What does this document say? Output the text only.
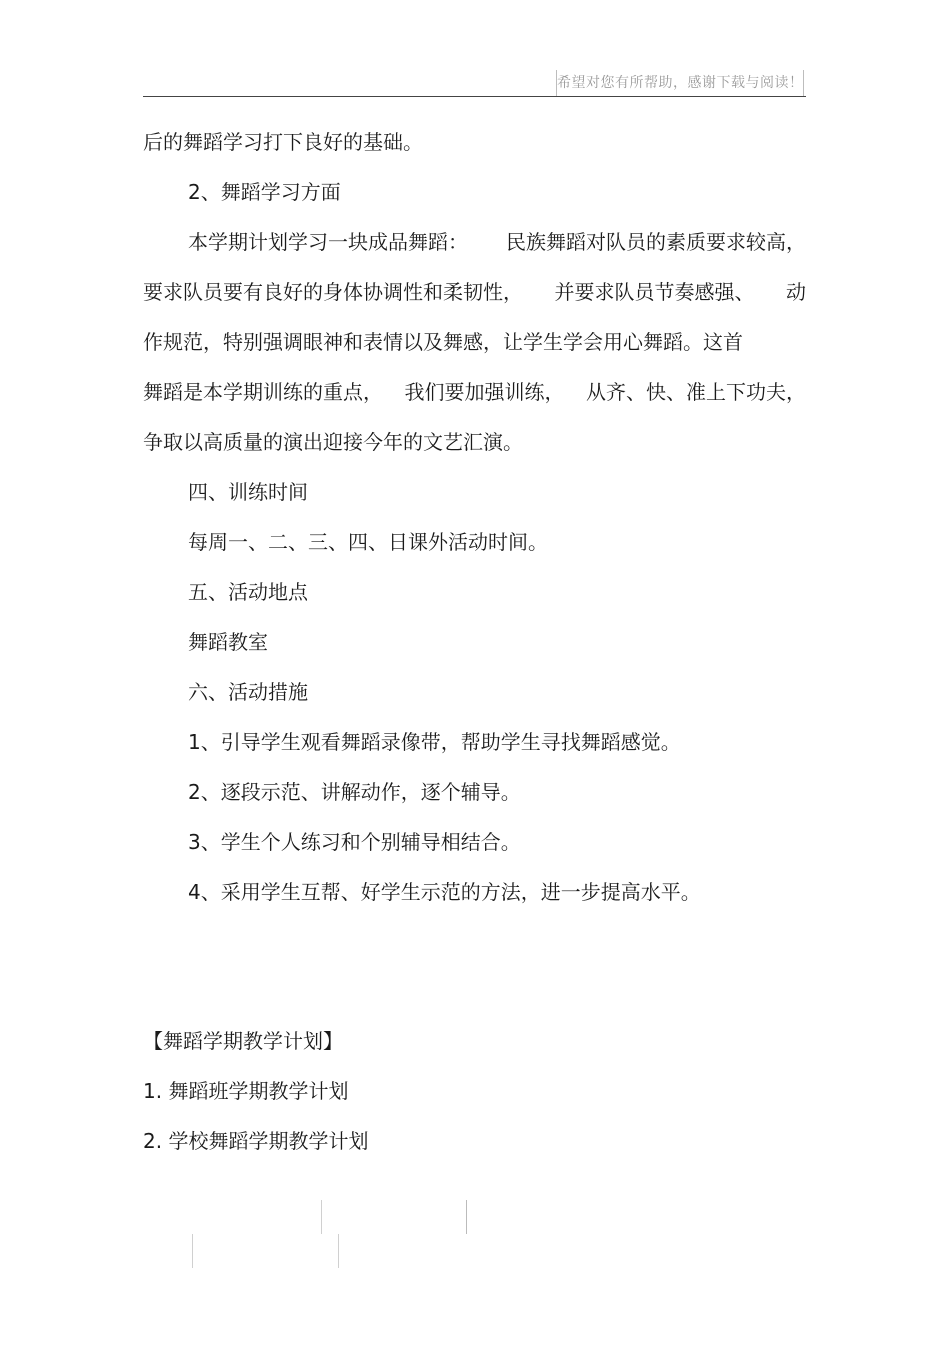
希望对您有所帮助，感谢下载与阅读！
后的舞蹈学习打下良好的基础。
2、舞蹈学习方面
本学期计划学习一块成品舞蹈： 民族舞蹈对队员的素质要求较高，
要求队员要有良好的身体协调性和柔韧性， 并要求队员节奏感强、 动
作规范，特别强调眼神和表情以及舞感，让学生学会用心舞蹈。这首
舞蹈是本学期训练的重点， 我们要加强训练， 从齐、快、准上下功夫，
争取以高质量的演出迎接今年的文艺汇演。
四、训练时间
每周一、二、三、四、日课外活动时间。
五、活动地点
舞蹈教室
六、活动措施
1、引导学生观看舞蹈录像带，帮助学生寻找舞蹈感觉。
2、逐段示范、讲解动作，逐个辅导。
3、学生个人练习和个别辅导相结合。
4、采用学生互帮、好学生示范的方法，进一步提高水平。
【舞蹈学期教学计划】
1. 舞蹈班学期教学计划
2. 学校舞蹈学期教学计划
